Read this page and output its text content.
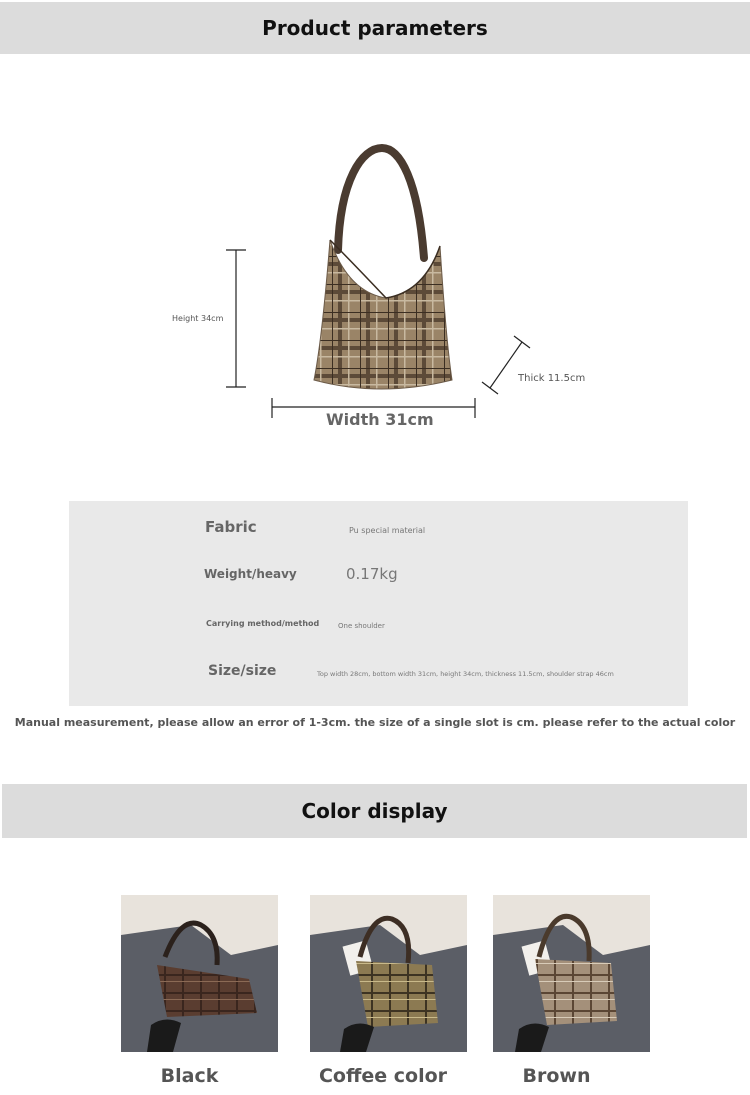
Product parameters
Height 34cm
Width 31cm
Thick 11.5cm
Fabric	Pu special material
Weight/heavy	0.17kg
Carrying method/method	One shoulder
Size/size	Top width 28cm, bottom width 31cm, height 34cm, thickness 11.5cm, shoulder strap 46cm
Manual measurement, please allow an error of 1-3cm. the size of a single slot is cm. please refer to the actual color
Color display
Black	Coffee color	Brown
